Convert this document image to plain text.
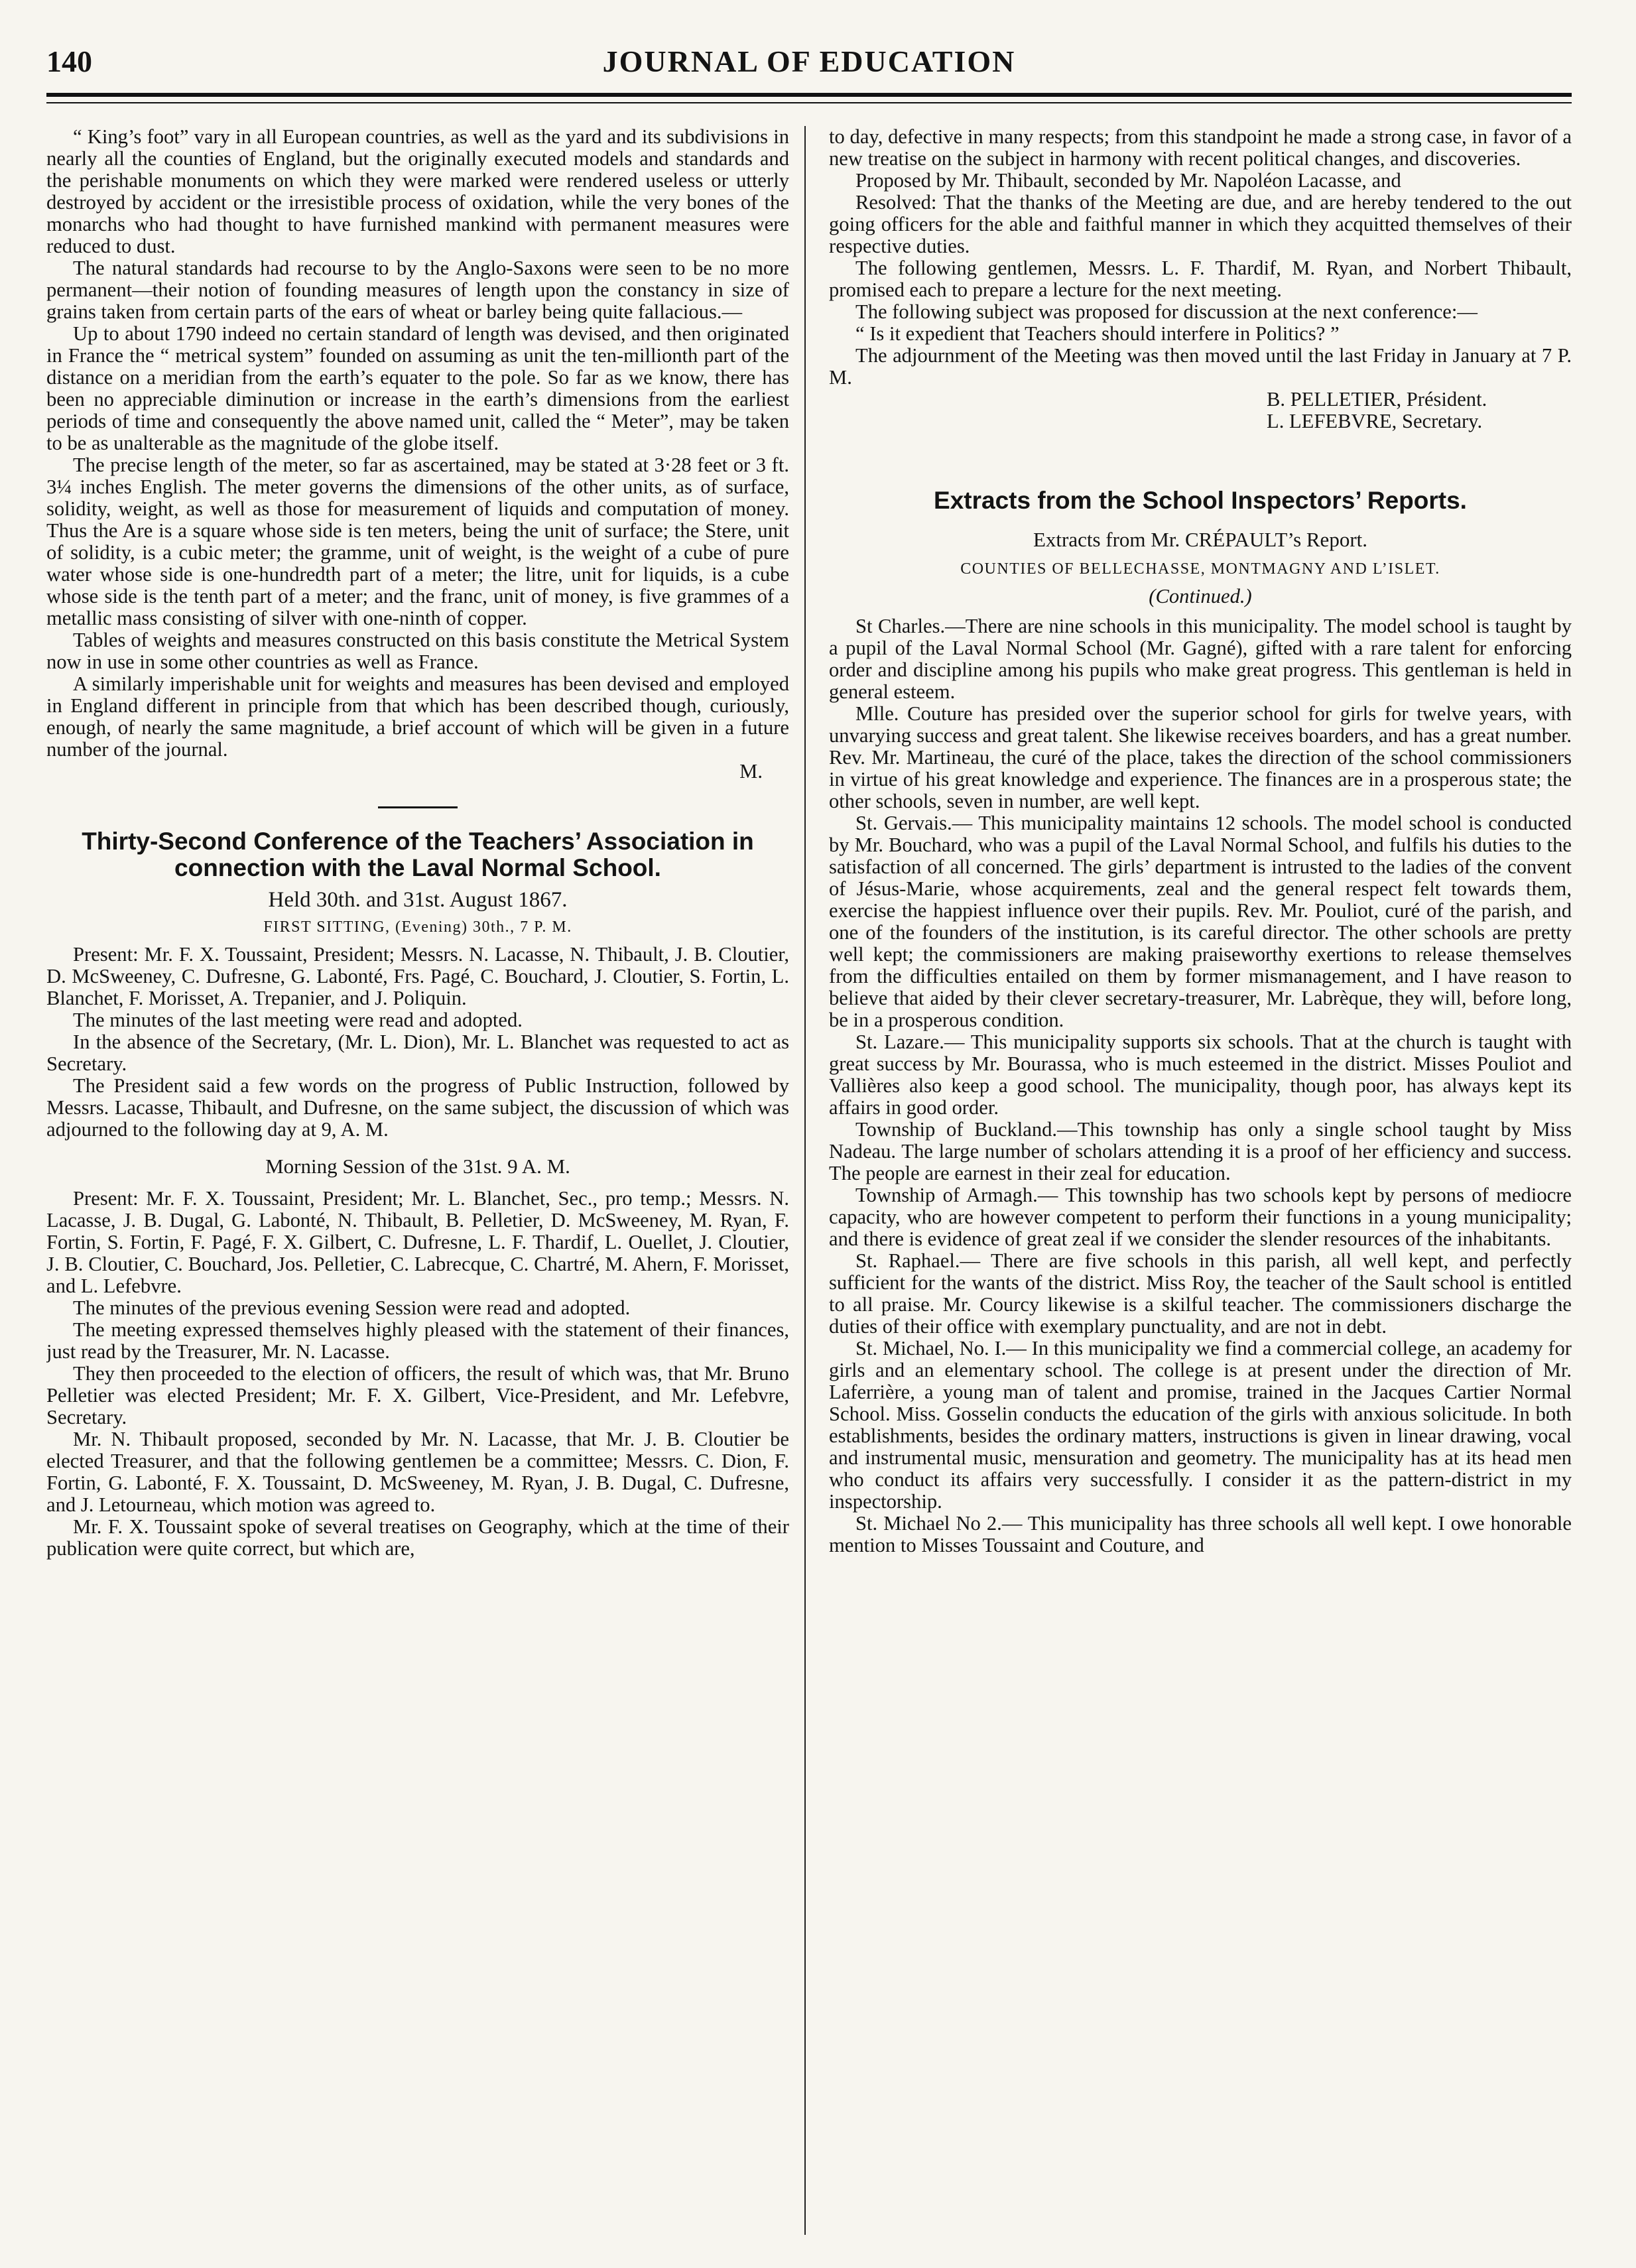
140	JOURNAL OF EDUCATION

“ King’s foot” vary in all European countries, as well as the yard and its subdivisions in nearly all the counties of England, but the originally executed models and standards and the perishable monuments on which they were marked were rendered useless or utterly destroyed by accident or the irresistible process of oxidation, while the very bones of the monarchs who had thought to have furnished mankind with permanent measures were reduced to dust.

The natural standards had recourse to by the Anglo-Saxons were seen to be no more permanent—their notion of founding measures of length upon the constancy in size of grains taken from certain parts of the ears of wheat or barley being quite fallacious.—

Up to about 1790 indeed no certain standard of length was devised, and then originated in France the “ metrical system” founded on assuming as unit the ten-millionth part of the distance on a meridian from the earth’s equater to the pole. So far as we know, there has been no appreciable diminution or increase in the earth’s dimensions from the earliest periods of time and consequently the above named unit, called the “ Meter”, may be taken to be as unalterable as the magnitude of the globe itself.

The precise length of the meter, so far as ascertained, may be stated at 3·28 feet or 3 ft. 3¼ inches English. The meter governs the dimensions of the other units, as of surface, solidity, weight, as well as those for measurement of liquids and computation of money. Thus the Are is a square whose side is ten meters, being the unit of surface; the Stere, unit of solidity, is a cubic meter; the gramme, unit of weight, is the weight of a cube of pure water whose side is one-hundredth part of a meter; the litre, unit for liquids, is a cube whose side is the tenth part of a meter; and the franc, unit of money, is five grammes of a metallic mass consisting of silver with one-ninth of copper.

Tables of weights and measures constructed on this basis constitute the Metrical System now in use in some other countries as well as France.

A similarly imperishable unit for weights and measures has been devised and employed in England different in principle from that which has been described though, curiously, enough, of nearly the same magnitude, a brief account of which will be given in a future number of the journal.

M.

Thirty-Second Conference of the Teachers’ Association in connection with the Laval Normal School.
Held 30th. and 31st. August 1867.
FIRST SITTING, (Evening) 30th., 7 P. M.

Present: Mr. F. X. Toussaint, President; Messrs. N. Lacasse, N. Thibault, J. B. Cloutier, D. McSweeney, C. Dufresne, G. Labonté, Frs. Pagé, C. Bouchard, J. Cloutier, S. Fortin, L. Blanchet, F. Morisset, A. Trepanier, and J. Poliquin.

The minutes of the last meeting were read and adopted.

In the absence of the Secretary, (Mr. L. Dion), Mr. L. Blanchet was requested to act as Secretary.

The President said a few words on the progress of Public Instruction, followed by Messrs. Lacasse, Thibault, and Dufresne, on the same subject, the discussion of which was adjourned to the following day at 9, A. M.

Morning Session of the 31st. 9 A. M.

Present: Mr. F. X. Toussaint, President; Mr. L. Blanchet, Sec., pro temp.; Messrs. N. Lacasse, J. B. Dugal, G. Labonté, N. Thibault, B. Pelletier, D. McSweeney, M. Ryan, F. Fortin, S. Fortin, F. Pagé, F. X. Gilbert, C. Dufresne, L. F. Thardif, L. Ouellet, J. Cloutier, J. B. Cloutier, C. Bouchard, Jos. Pelletier, C. Labrecque, C. Chartré, M. Ahern, F. Morisset, and L. Lefebvre.

The minutes of the previous evening Session were read and adopted.

The meeting expressed themselves highly pleased with the statement of their finances, just read by the Treasurer, Mr. N. Lacasse.

They then proceeded to the election of officers, the result of which was, that Mr. Bruno Pelletier was elected President; Mr. F. X. Gilbert, Vice-President, and Mr. Lefebvre, Secretary.

Mr. N. Thibault proposed, seconded by Mr. N. Lacasse, that Mr. J. B. Cloutier be elected Treasurer, and that the following gentlemen be a committee; Messrs. C. Dion, F. Fortin, G. Labonté, F. X. Toussaint, D. McSweeney, M. Ryan, J. B. Dugal, C. Dufresne, and J. Letourneau, which motion was agreed to.

Mr. F. X. Toussaint spoke of several treatises on Geography, which at the time of their publication were quite correct, but which are,

to day, defective in many respects; from this standpoint he made a strong case, in favor of a new treatise on the subject in harmony with recent political changes, and discoveries.

Proposed by Mr. Thibault, seconded by Mr. Napoléon Lacasse, and

Resolved: That the thanks of the Meeting are due, and are hereby tendered to the out going officers for the able and faithful manner in which they acquitted themselves of their respective duties.

The following gentlemen, Messrs. L. F. Thardif, M. Ryan, and Norbert Thibault, promised each to prepare a lecture for the next meeting.

The following subject was proposed for discussion at the next conference:—

“ Is it expedient that Teachers should interfere in Politics? ”

The adjournment of the Meeting was then moved until the last Friday in January at 7 P. M.

B. PELLETIER, Président.

L. LEFEBVRE, Secretary.

Extracts from the School Inspectors’ Reports.
Extracts from Mr. CRÉPAULT’s Report.
COUNTIES OF BELLECHASSE, MONTMAGNY AND L’ISLET.
(Continued.)

St Charles.—There are nine schools in this municipality. The model school is taught by a pupil of the Laval Normal School (Mr. Gagné), gifted with a rare talent for enforcing order and discipline among his pupils who make great progress. This gentleman is held in general esteem.

Mlle. Couture has presided over the superior school for girls for twelve years, with unvarying success and great talent. She likewise receives boarders, and has a great number. Rev. Mr. Martineau, the curé of the place, takes the direction of the school commissioners in virtue of his great knowledge and experience. The finances are in a prosperous state; the other schools, seven in number, are well kept.

St. Gervais.— This municipality maintains 12 schools. The model school is conducted by Mr. Bouchard, who was a pupil of the Laval Normal School, and fulfils his duties to the satisfaction of all concerned. The girls’ department is intrusted to the ladies of the convent of Jésus-Marie, whose acquirements, zeal and the general respect felt towards them, exercise the happiest influence over their pupils. Rev. Mr. Pouliot, curé of the parish, and one of the founders of the institution, is its careful director. The other schools are pretty well kept; the commissioners are making praiseworthy exertions to release themselves from the difficulties entailed on them by former mismanagement, and I have reason to believe that aided by their clever secretary-treasurer, Mr. Labrèque, they will, before long, be in a prosperous condition.

St. Lazare.— This municipality supports six schools. That at the church is taught with great success by Mr. Bourassa, who is much esteemed in the district. Misses Pouliot and Vallières also keep a good school. The municipality, though poor, has always kept its affairs in good order.

Township of Buckland.—This township has only a single school taught by Miss Nadeau. The large number of scholars attending it is a proof of her efficiency and success. The people are earnest in their zeal for education.

Township of Armagh.— This township has two schools kept by persons of mediocre capacity, who are however competent to perform their functions in a young municipality; and there is evidence of great zeal if we consider the slender resources of the inhabitants.

St. Raphael.— There are five schools in this parish, all well kept, and perfectly sufficient for the wants of the district. Miss Roy, the teacher of the Sault school is entitled to all praise. Mr. Courcy likewise is a skilful teacher. The commissioners discharge the duties of their office with exemplary punctuality, and are not in debt.

St. Michael, No. I.— In this municipality we find a commercial college, an academy for girls and an elementary school. The college is at present under the direction of Mr. Laferrière, a young man of talent and promise, trained in the Jacques Cartier Normal School. Miss. Gosselin conducts the education of the girls with anxious solicitude. In both establishments, besides the ordinary matters, instructions is given in linear drawing, vocal and instrumental music, mensuration and geometry. The municipality has at its head men who conduct its affairs very successfully. I consider it as the pattern-district in my inspectorship.

St. Michael No 2.— This municipality has three schools all well kept. I owe honorable mention to Misses Toussaint and Couture, and
